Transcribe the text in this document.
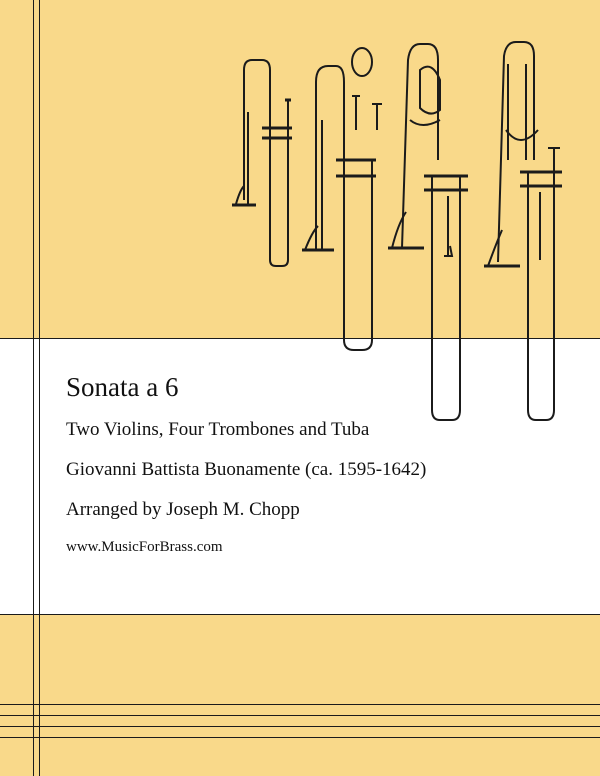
Sonata a 6
Two Violins, Four Trombones and Tuba
Giovanni Battista Buonamente (ca. 1595-1642)
Arranged by Joseph M. Chopp
www.MusicForBrass.com
